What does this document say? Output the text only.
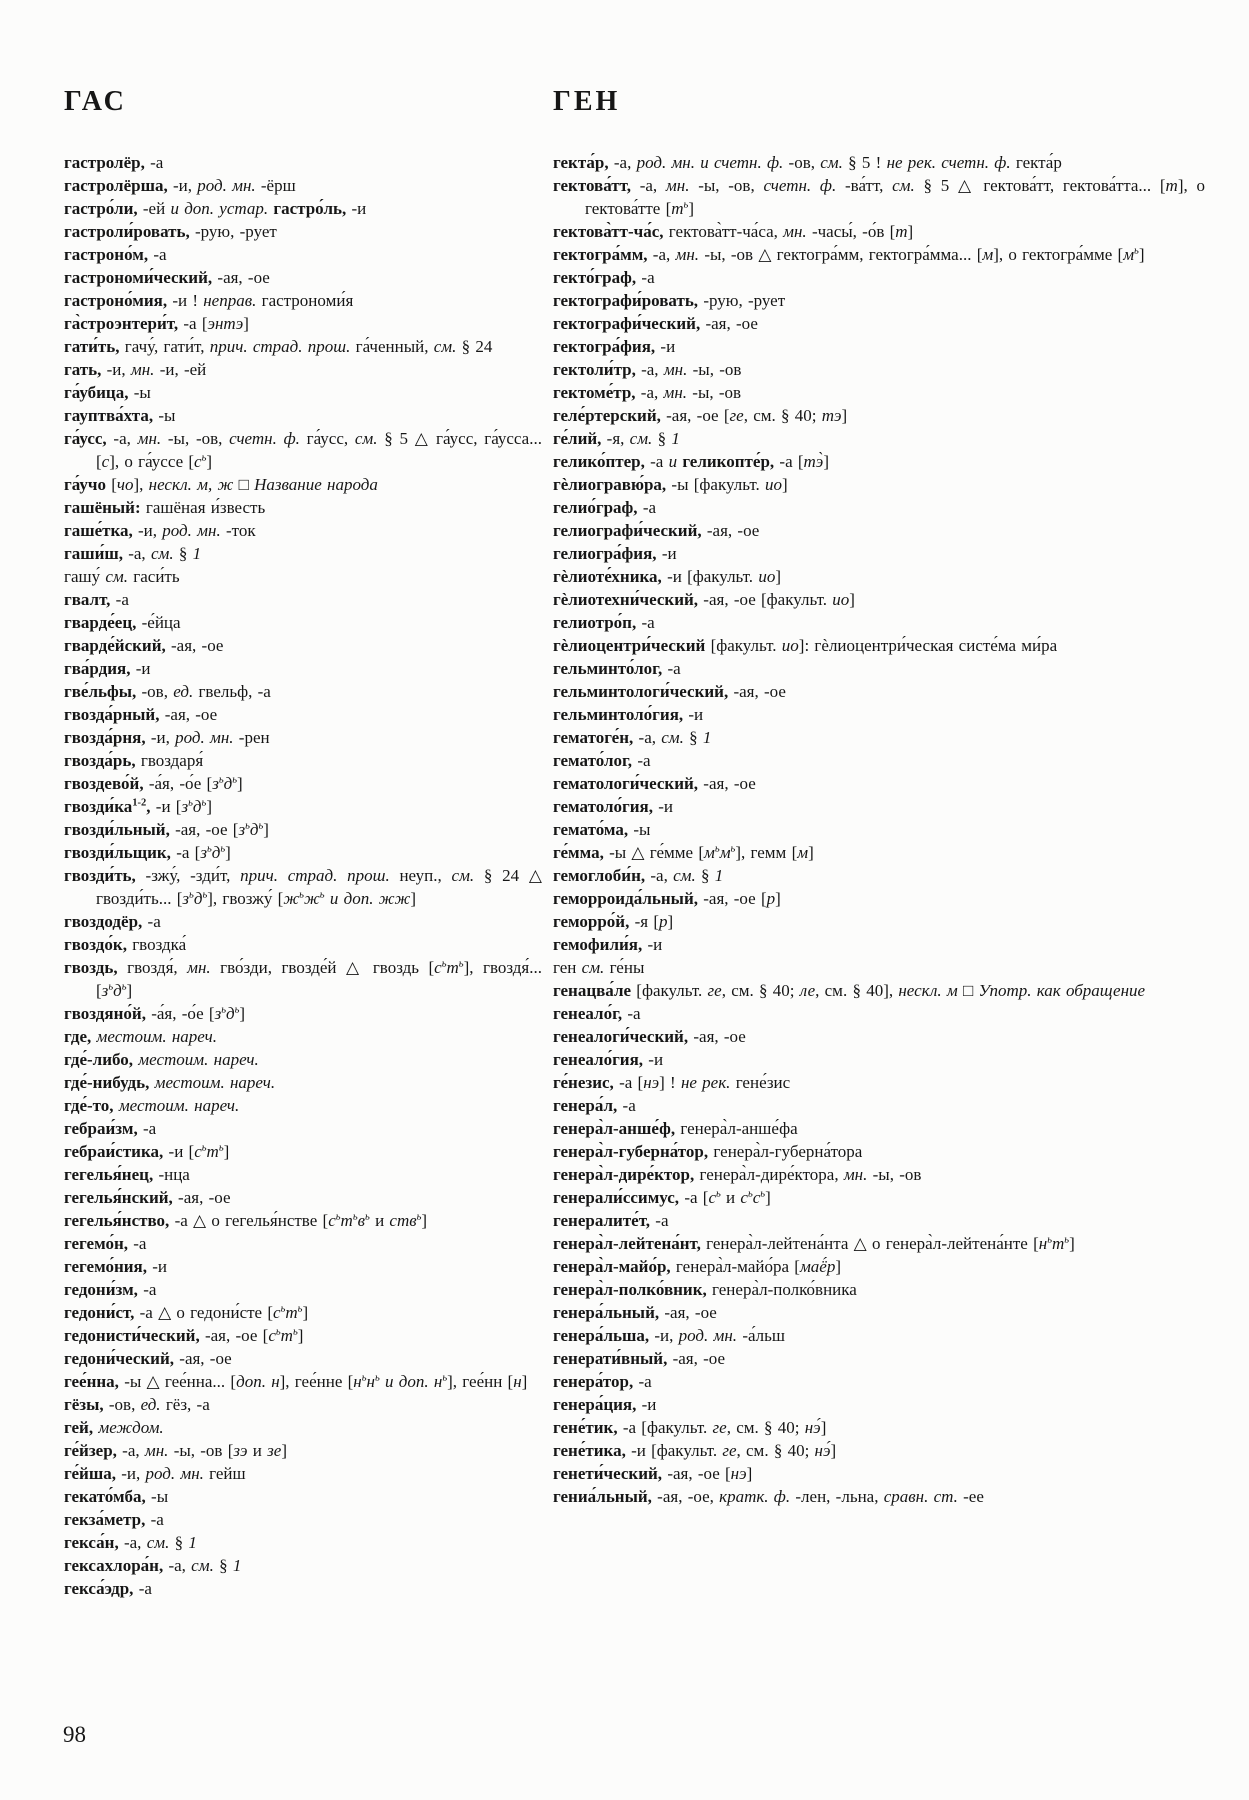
ГАС	ГЕН

гастролёр, -а

гастролёрша, -и, род. мн. -ёрш

гастро́ли, -ей и доп. устар. гастро́ль, -и

гастроли́ровать, -рую, -рует

гастроно́м, -а

гастрономи́ческий, -ая, -ое

гастроно́мия, -и ! неправ. гастрономи́я

га̀строэнтери́т, -а [энтэ]

гати́ть, гачу́, гати́т, прич. страд. прош. га́ченный, см. § 24

гать, -и, мн. -и, -ей

га́убица, -ы

гауптва́хта, -ы

га́усс, -а, мн. -ы, -ов, счетн. ф. га́усс, см. § 5 △ га́усс, га́усса... [с], о га́уссе $[с^ь]$

га́учо [чо], нескл. м, ж □ Название народа

гашёный: гашёная и́звесть

гаше́тка, -и, род. мн. -ток

гаши́ш, -а, см. § 1

гашу́ см. гаси́ть

гвалт, -а

гварде́ец, -е́йца

гварде́йский, -ая, -ое

гва́рдия, -и

гве́льфы, -ов, ед. гвельф, -а

гвозда́рный, -ая, -ое

гвозда́рня, -и, род. мн. -рен

гвозда́рь, гвоздаря́

гвоздево́й, -а́я, -о́е $[з^ьд^ь]$

$гвозди́ка^{1-2}$, -и $[з^ьд^ь]$

гвозди́льный, -ая, -ое $[з^ьд^ь]$

гвозди́льщик, -а $[з^ьд^ь]$

гвозди́ть, -зжу́, -зди́т, прич. страд. прош. неуп., см. § 24 △ гвозди́ть... $[з^ьд^ь]$, гвозжу́ [$ж^ьж^ь$ и доп. жж]

гвоздодёр, -а

гвоздо́к, гвоздка́

гвоздь, гвоздя́, мн. гво́зди, гвозде́й △ гвоздь $[с^ьт^ь]$, гвоздя́... $[з^ьд^ь]$

гвоздяно́й, -а́я, -о́е $[з^ьд^ь]$

где, местоим. нареч.

где́-либо, местоим. нареч.

где́-нибудь, местоим. нареч.

где́-то, местоим. нареч.

гебраи́зм, -а

гебраи́стика, -и $[с^ьт^ь]$

гегелья́нец, -нца

гегелья́нский, -ая, -ое

гегелья́нство, -а △ о гегелья́нстве [$с^ьт^ьв^ь$ и ств$^ь$]

гегемо́н, -а

гегемо́ния, -и

гедони́зм, -а

гедони́ст, -а △ о гедони́сте $[с^ьт^ь]$

гедонисти́ческий, -ая, -ое $[с^ьт^ь]$

гедони́ческий, -ая, -ое

гее́нна, -ы △ гее́нна... [доп. н], гее́нне [$н^ьн^ь$ и доп. $н^ь$], гее́нн [н]

гёзы, -ов, ед. гёз, -а

гей, междом.

ге́йзер, -а, мн. -ы, -ов [зэ и зе]

ге́йша, -и, род. мн. гейш

гекато́мба, -ы

гекза́метр, -а

гекса́н, -а, см. § 1

гексахлора́н, -а, см. § 1

гекса́эдр, -а

гекта́р, -а, род. мн. и счетн. ф. -ов, см. § 5 ! не рек. счетн. ф. гекта́р

гектова́тт, -а, мн. -ы, -ов, счетн. ф. -ва́тт, см. § 5 △ гектова́тт, гектова́тта... [т], о гектова́тте $[т^ь]$

гектова̀тт-ча́с, гектова̀тт-ча́са, мн. -часы́, -о́в [т]

гектогра́мм, -а, мн. -ы, -ов △ гектогра́мм, гектогра́мма... [м], о гектогра́мме $[м^ь]$

гекто́граф, -а

гектографи́ровать, -рую, -рует

гектографи́ческий, -ая, -ое

гектогра́фия, -и

гектоли́тр, -а, мн. -ы, -ов

гектоме́тр, -а, мн. -ы, -ов

геле́ртерский, -ая, -ое [ге, см. § 40; тэ]

ге́лий, -я, см. § 1

гелико́птер, -а и геликопте́р, -а [тэ̀]

гѐлиогравю́ра, -ы [факульт. ио]

гелио́граф, -а

гелиографи́ческий, -ая, -ое

гелиогра́фия, -и

гѐлиоте́хника, -и [факульт. ио]

гѐлиотехни́ческий, -ая, -ое [факульт. ио]

гелиотро́п, -а

гѐлиоцентри́ческий [факульт. ио]: гѐлиоцентри́ческая систе́ма ми́ра

гельминто́лог, -а

гельминтологи́ческий, -ая, -ое

гельминтоло́гия, -и

гематоге́н, -а, см. § 1

гемато́лог, -а

гематологи́ческий, -ая, -ое

гематоло́гия, -и

гемато́ма, -ы

ге́мма, -ы △ ге́мме $[м^ьм^ь]$, гемм [м]

гемоглоби́н, -а, см. § 1

геморроида́льный, -ая, -ое [р]

геморро́й, -я [р]

гемофили́я, -и

ген см. ге́ны

генацва́ле [факульт. ге, см. § 40; ле, см. § 40], нескл. м □ Употр. как обращение

генеало́г, -а

генеалоги́ческий, -ая, -ое

генеало́гия, -и

ге́незис, -а [нэ] ! не рек. гене́зис

генера́л, -а

генера̀л-анше́ф, генера̀л-анше́фа

генера̀л-губерна́тор, генера̀л-губерна́тора

генера̀л-дире́ктор, генера̀л-дире́ктора, мн. -ы, -ов

генерали́ссимус, -а [$с^ь$ и $с^ьс^ь$]

генералите́т, -а

генера̀л-лейтена́нт, генера̀л-лейтена́нта △ о генера̀л-лейтена́нте $[н^ьт^ь]$

генера̀л-майо́р, генера̀л-майо́ра [маё́р]

генера̀л-полко́вник, генера̀л-полко́вника

генера́льный, -ая, -ое

генера́льша, -и, род. мн. -а́льш

генерати́вный, -ая, -ое

генера́тор, -а

генера́ция, -и

гене́тик, -а [факульт. ге, см. § 40; нэ́]

гене́тика, -и [факульт. ге, см. § 40; нэ́]

генети́ческий, -ая, -ое [нэ]

гениа́льный, -ая, -ое, кратк. ф. -лен, -льна, сравн. ст. -ее

98
